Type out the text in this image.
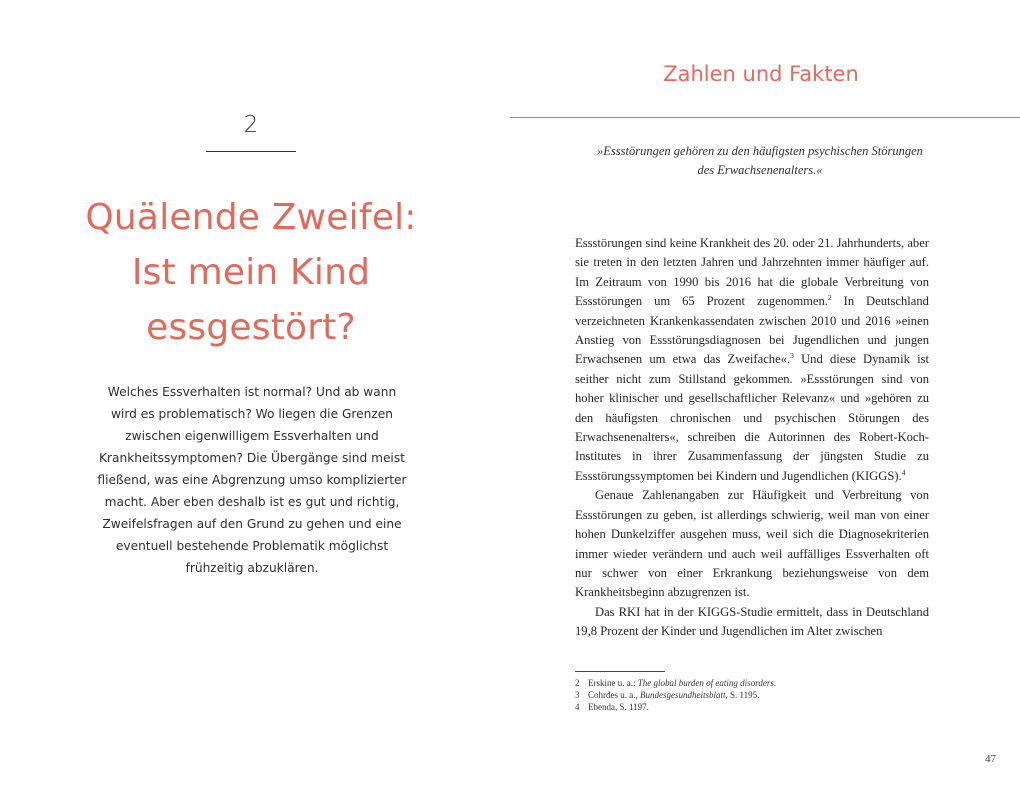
2
Quälende Zweifel:
Ist mein Kind
essgestört?
Welches Essverhalten ist normal? Und ab wann wird es problematisch? Wo liegen die Grenzen zwischen eigenwilligem Essverhalten und Krankheitssymptomen? Die Übergänge sind meist fließend, was eine Abgrenzung umso komplizierter macht. Aber eben deshalb ist es gut und richtig, Zweifelsfragen auf den Grund zu gehen und eine eventuell bestehende Problematik möglichst frühzeitig abzuklären.
Zahlen und Fakten
»Essstörungen gehören zu den häufigsten psychischen Störungen des Erwachsenenalters.«

Essstörungen sind keine Krankheit des 20. oder 21. Jahrhunderts, aber sie treten in den letzten Jahren und Jahrzehnten immer häufiger auf. Im Zeitraum von 1990 bis 2016 hat die globale Verbreitung von Essstörungen um 65 Prozent zugenommen.$^2$ In Deutschland verzeichneten Krankenkassendaten zwischen 2010 und 2016 »einen Anstieg von Essstörungsdiagnosen bei Jugendlichen und jungen Erwachsenen um etwa das Zweifache«.$^3$ Und diese Dynamik ist seither nicht zum Stillstand gekommen. »Essstörungen sind von hoher klinischer und gesellschaftlicher Relevanz« und »gehören zu den häufigsten chronischen und psychischen Störungen des Erwachsenenalters«, schreiben die Autorinnen des Robert-Koch-Institutes in ihrer Zusammenfassung der jüngsten Studie zu Essstörungssymptomen bei Kindern und Jugendlichen (KIGGS).$^4$

Genaue Zahlenangaben zur Häufigkeit und Verbreitung von Essstörungen zu geben, ist allerdings schwierig, weil man von einer hohen Dunkelziffer ausgehen muss, weil sich die Diagnosekriterien immer wieder verändern und auch weil auffälliges Essverhalten oft nur schwer von einer Erkrankung beziehungsweise von dem Krankheitsbeginn abzugrenzen ist.

Das RKI hat in der KIGGS-Studie ermittelt, dass in Deutschland 19,8 Prozent der Kinder und Jugendlichen im Alter zwischen

2 Erskine u. a.: The global burden of eating disorders.
3 Cohrdes u. a., Bundesgesundheitsblatt, S. 1195.
4 Ebenda, S. 1197.
47
